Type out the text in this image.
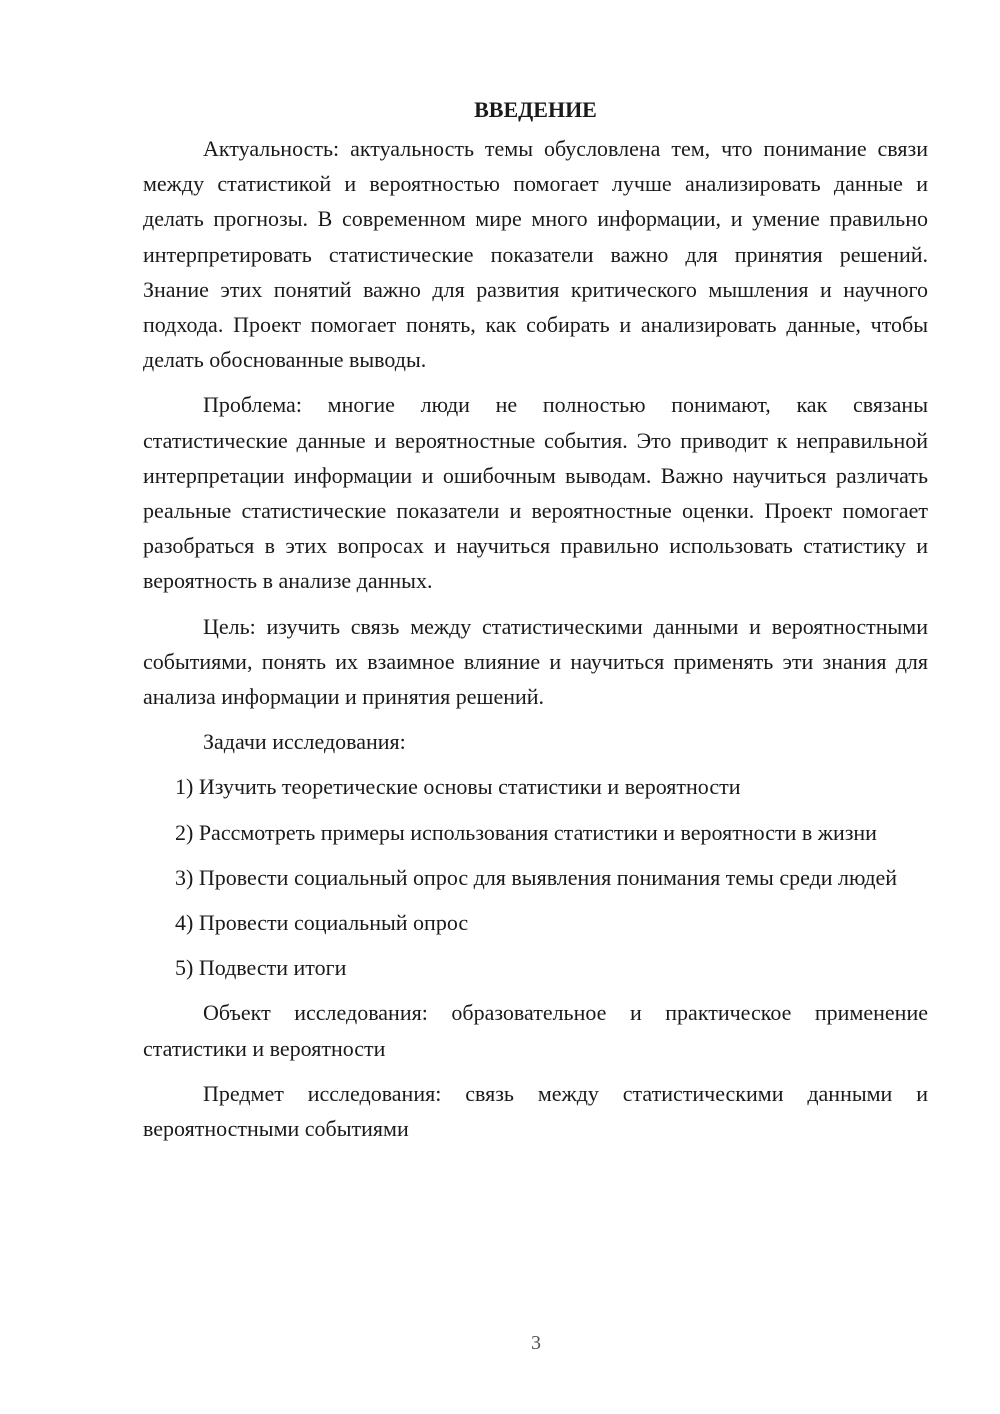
ВВЕДЕНИЕ

Актуальность: актуальность темы обусловлена тем, что понимание связи между статистикой и вероятностью помогает лучше анализировать данные и делать прогнозы. В современном мире много информации, и умение правильно интерпретировать статистические показатели важно для принятия решений. Знание этих понятий важно для развития критического мышления и научного подхода. Проект помогает понять, как собирать и анализировать данные, чтобы делать обоснованные выводы.

Проблема: многие люди не полностью понимают, как связаны статистические данные и вероятностные события. Это приводит к неправильной интерпретации информации и ошибочным выводам. Важно научиться различать реальные статистические показатели и вероятностные оценки. Проект помогает разобраться в этих вопросах и научиться правильно использовать статистику и вероятность в анализе данных.

Цель: изучить связь между статистическими данными и вероятностными событиями, понять их взаимное влияние и научиться применять эти знания для анализа информации и принятия решений.

Задачи исследования:

1) Изучить теоретические основы статистики и вероятности

2) Рассмотреть примеры использования статистики и вероятности в жизни

3) Провести социальный опрос для выявления понимания темы среди людей

4) Провести социальный опрос

5) Подвести итоги

Объект исследования: образовательное и практическое применение статистики и вероятности

Предмет исследования: связь между статистическими данными и вероятностными событиями

3
